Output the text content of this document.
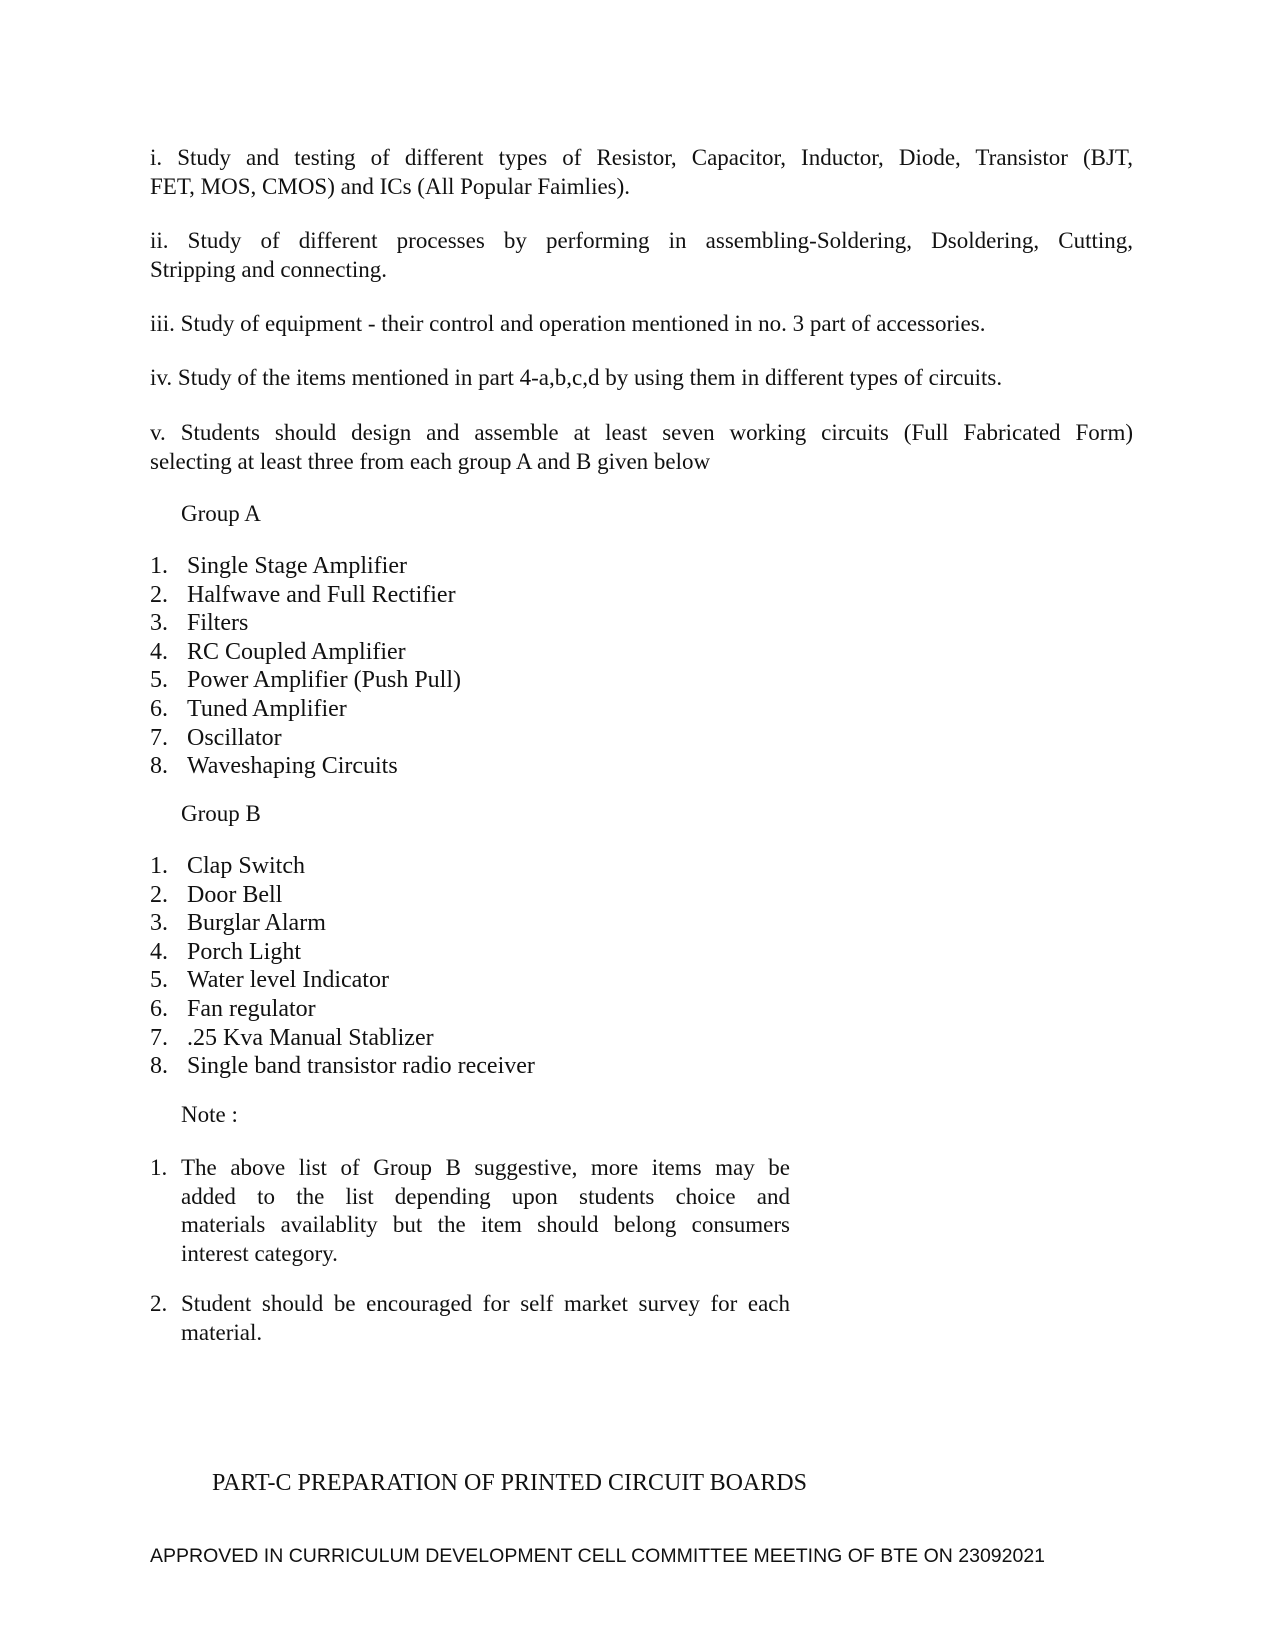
i. Study and testing of different types of Resistor, Capacitor, Inductor, Diode, Transistor (BJT,
FET, MOS, CMOS) and ICs (All Popular Faimlies).

ii. Study of different processes by performing in assembling-Soldering, Dsoldering, Cutting,
Stripping and connecting.

iii. Study of equipment - their control and operation mentioned in no. 3 part of accessories.

iv. Study of the items mentioned in part 4-a,b,c,d by using them in different types of circuits.

v. Students should design and assemble at least seven working circuits (Full Fabricated Form)
selecting at least three from each group A and B given below

Group A

1. Single Stage Amplifier
2. Halfwave and Full Rectifier
3. Filters
4. RC Coupled Amplifier
5. Power Amplifier (Push Pull)
6. Tuned Amplifier
7. Oscillator
8. Waveshaping Circuits

Group B

1. Clap Switch
2. Door Bell
3. Burglar Alarm
4. Porch Light
5. Water level Indicator
6. Fan regulator
7. .25 Kva Manual Stablizer
8. Single band transistor radio receiver

Note :

1. The above list of Group B suggestive, more items may be
added to the list depending upon students choice and
materials availablity but the item should belong consumers
interest category.
2. Student should be encouraged for self market survey for each
material.

PART-C PREPARATION OF PRINTED CIRCUIT BOARDS

APPROVED IN CURRICULUM DEVELOPMENT CELL COMMITTEE MEETING OF BTE ON 23092021
